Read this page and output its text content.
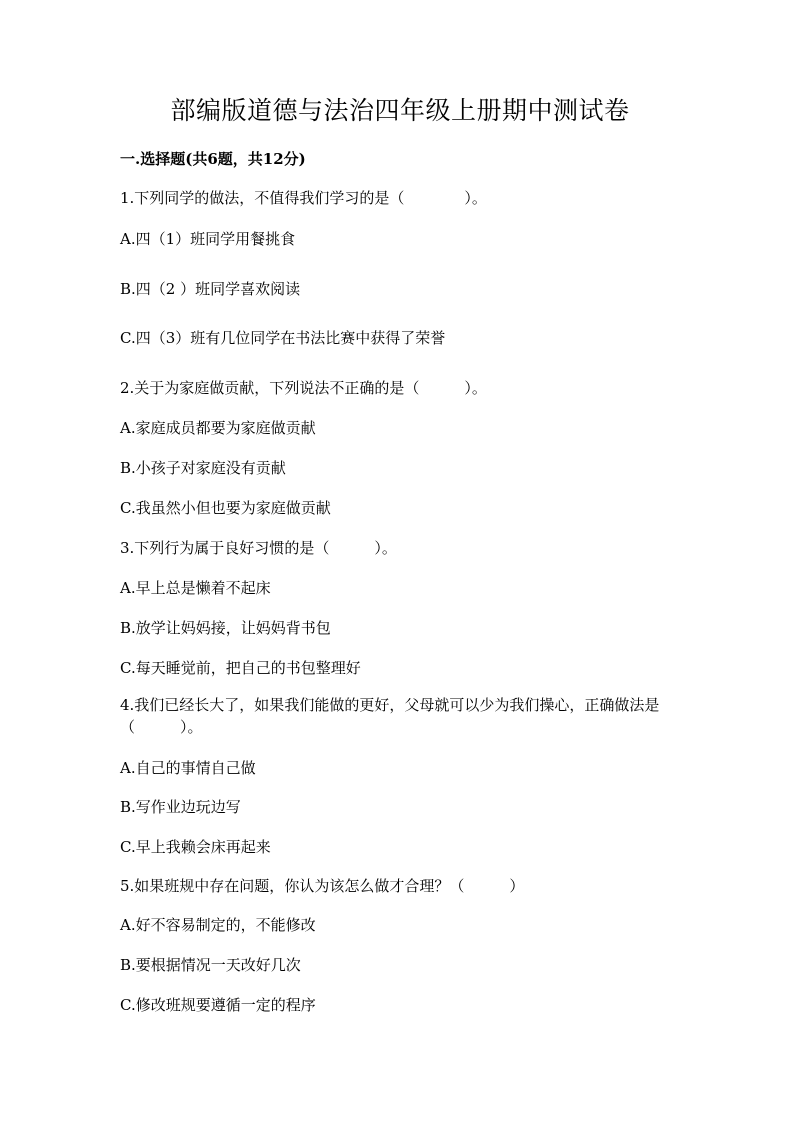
部编版道德与法治四年级上册期中测试卷
一.选择题(共6题，共12分)
1.下列同学的做法，不值得我们学习的是（　　　　）。
A.四（1）班同学用餐挑食
B.四（2 ）班同学喜欢阅读
C.四（3）班有几位同学在书法比赛中获得了荣誉
2.关于为家庭做贡献，下列说法不正确的是（　　　）。
A.家庭成员都要为家庭做贡献
B.小孩子对家庭没有贡献
C.我虽然小但也要为家庭做贡献
3.下列行为属于良好习惯的是（　　　）。
A.早上总是懒着不起床
B.放学让妈妈接，让妈妈背书包
C.每天睡觉前，把自己的书包整理好
4.我们已经长大了，如果我们能做的更好，父母就可以少为我们操心，正确做法是（　　　）。
A.自己的事情自己做
B.写作业边玩边写
C.早上我赖会床再起来
5.如果班规中存在问题，你认为该怎么做才合理？（　　　）
A.好不容易制定的，不能修改
B.要根据情况一天改好几次
C.修改班规要遵循一定的程序
